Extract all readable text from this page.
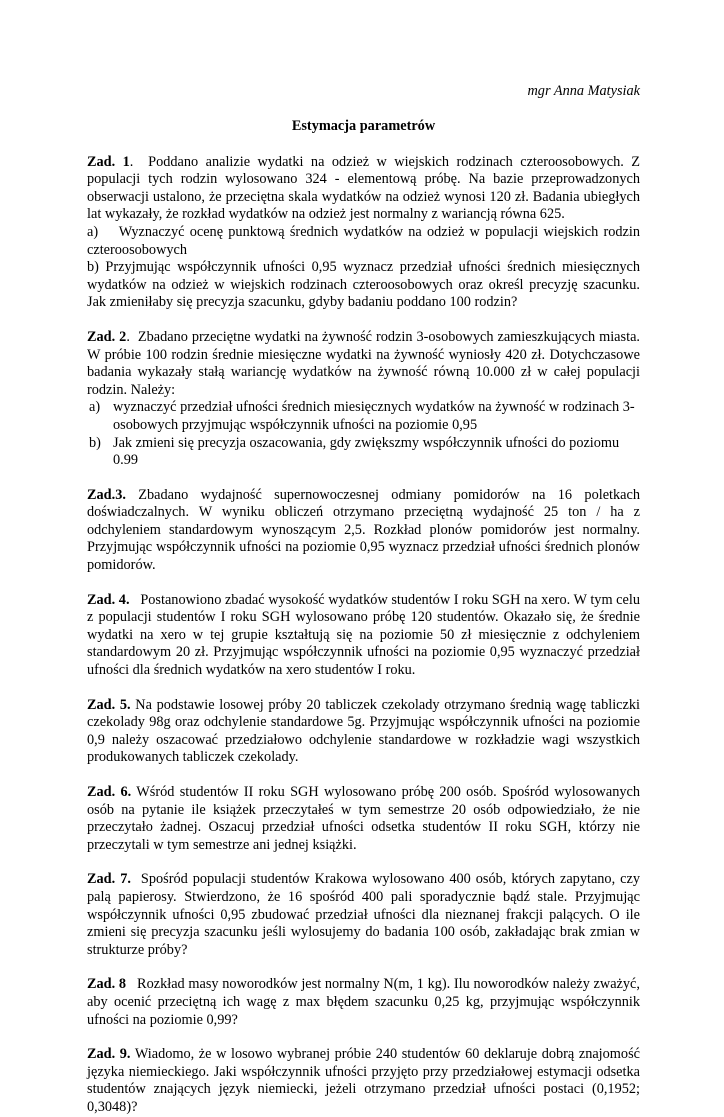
mgr Anna Matysiak

Estymacja parametrów

Zad. 1.  Poddano analizie wydatki na odzież w wiejskich rodzinach czteroosobowych. Z populacji tych rodzin wylosowano 324 - elementową próbę. Na bazie przeprowadzonych obserwacji ustalono, że przeciętna skala wydatków na odzież wynosi 120 zł. Badania ubiegłych lat wykazały, że rozkład wydatków na odzież jest normalny z wariancją równa 625.

a)    Wyznaczyć ocenę punktową średnich wydatków na odzież w populacji wiejskich rodzin czteroosobowych

b) Przyjmując współczynnik ufności 0,95 wyznacz przedział ufności średnich miesięcznych wydatków na odzież w wiejskich rodzinach czteroosobowych oraz określ precyzję szacunku. Jak zmieniłaby się precyzja szacunku, gdyby badaniu poddano 100 rodzin?

Zad. 2.  Zbadano przeciętne wydatki na żywność rodzin 3-osobowych zamieszkujących miasta. W próbie 100 rodzin średnie miesięczne wydatki na żywność wyniosły 420 zł. Dotychczasowe badania wykazały stałą wariancję wydatków na żywność równą 10.000 zł w całej populacji rodzin. Należy:

a) wyznaczyć przedział ufności średnich miesięcznych wydatków na żywność w rodzinach 3-osobowych przyjmując współczynnik ufności na poziomie 0,95
b) Jak zmieni się precyzja oszacowania, gdy zwiększmy współczynnik ufności do poziomu 0.99

Zad.3. Zbadano wydajność supernowoczesnej odmiany pomidorów na 16 poletkach doświadczalnych. W wyniku obliczeń otrzymano przeciętną wydajność 25 ton / ha z odchyleniem standardowym wynoszącym 2,5. Rozkład plonów pomidorów jest normalny. Przyjmując współczynnik ufności na poziomie 0,95 wyznacz przedział ufności średnich plonów pomidorów.

Zad. 4. Postanowiono zbadać wysokość wydatków studentów I roku SGH na xero. W tym celu z populacji studentów I roku SGH wylosowano próbę 120 studentów. Okazało się, że średnie wydatki na xero w tej grupie kształtują się na poziomie 50 zł miesięcznie z odchyleniem standardowym 20 zł. Przyjmując współczynnik ufności na poziomie 0,95 wyznaczyć przedział ufności dla średnich wydatków na xero studentów I roku.

Zad. 5. Na podstawie losowej próby 20 tabliczek czekolady otrzymano średnią wagę tabliczki czekolady 98g oraz odchylenie standardowe 5g. Przyjmując współczynnik ufności na poziomie 0,9 należy oszacować przedziałowo odchylenie standardowe w rozkładzie wagi wszystkich produkowanych tabliczek czekolady.

Zad. 6. Wśród studentów II roku SGH wylosowano próbę 200 osób. Spośród wylosowanych osób na pytanie ile książek przeczytałeś w tym semestrze 20 osób odpowiedziało, że nie przeczytało żadnej. Oszacuj przedział ufności odsetka studentów II roku SGH, którzy nie przeczytali w tym semestrze ani jednej książki.

Zad. 7. Spośród populacji studentów Krakowa wylosowano 400 osób, których zapytano, czy palą papierosy. Stwierdzono, że 16 spośród 400 pali sporadycznie bądź stale. Przyjmując współczynnik ufności 0,95 zbudować przedział ufności dla nieznanej frakcji palących. O ile zmieni się precyzja szacunku jeśli wylosujemy do badania 100 osób, zakładając brak zmian w strukturze próby?

Zad. 8 Rozkład masy noworodków jest normalny N(m, 1 kg). Ilu noworodków należy zważyć, aby ocenić przeciętną ich wagę z max błędem szacunku 0,25 kg, przyjmując współczynnik ufności na poziomie 0,99?

Zad. 9. Wiadomo, że w losowo wybranej próbie 240 studentów 60 deklaruje dobrą znajomość języka niemieckiego. Jaki współczynnik ufności przyjęto przy przedziałowej estymacji odsetka studentów znających język niemiecki, jeżeli otrzymano przedział ufności postaci (0,1952; 0,3048)?
